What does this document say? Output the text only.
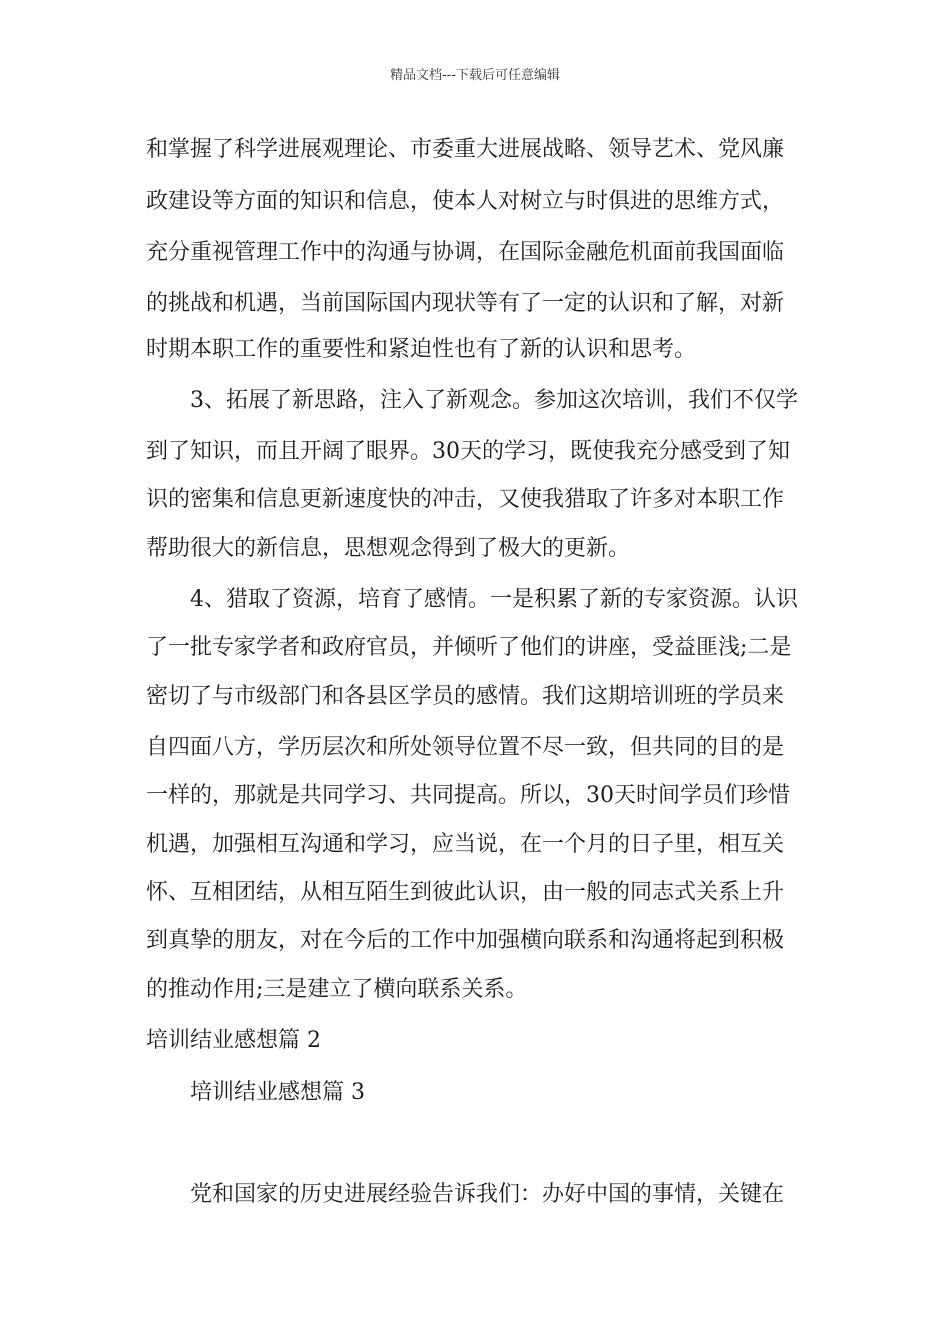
精品文档---下载后可任意编辑
和掌握了科学进展观理论、市委重大进展战略、领导艺术、党风廉
政建设等方面的知识和信息，使本人对树立与时俱进的思维方式，
充分重视管理工作中的沟通与协调，在国际金融危机面前我国面临
的挑战和机遇，当前国际国内现状等有了一定的认识和了解，对新
时期本职工作的重要性和紧迫性也有了新的认识和思考。
3、拓展了新思路，注入了新观念。参加这次培训，我们不仅学
到了知识，而且开阔了眼界。30天的学习，既使我充分感受到了知
识的密集和信息更新速度快的冲击，又使我猎取了许多对本职工作
帮助很大的新信息，思想观念得到了极大的更新。
4、猎取了资源，培育了感情。一是积累了新的专家资源。认识
了一批专家学者和政府官员，并倾听了他们的讲座，受益匪浅;二是
密切了与市级部门和各县区学员的感情。我们这期培训班的学员来
自四面八方，学历层次和所处领导位置不尽一致，但共同的目的是
一样的，那就是共同学习、共同提高。所以，30天时间学员们珍惜
机遇，加强相互沟通和学习，应当说，在一个月的日子里，相互关
怀、互相团结，从相互陌生到彼此认识，由一般的同志式关系上升
到真挚的朋友，对在今后的工作中加强横向联系和沟通将起到积极
的推动作用;三是建立了横向联系关系。
培训结业感想篇 2
培训结业感想篇 3
党和国家的历史进展经验告诉我们：办好中国的事情，关键在
